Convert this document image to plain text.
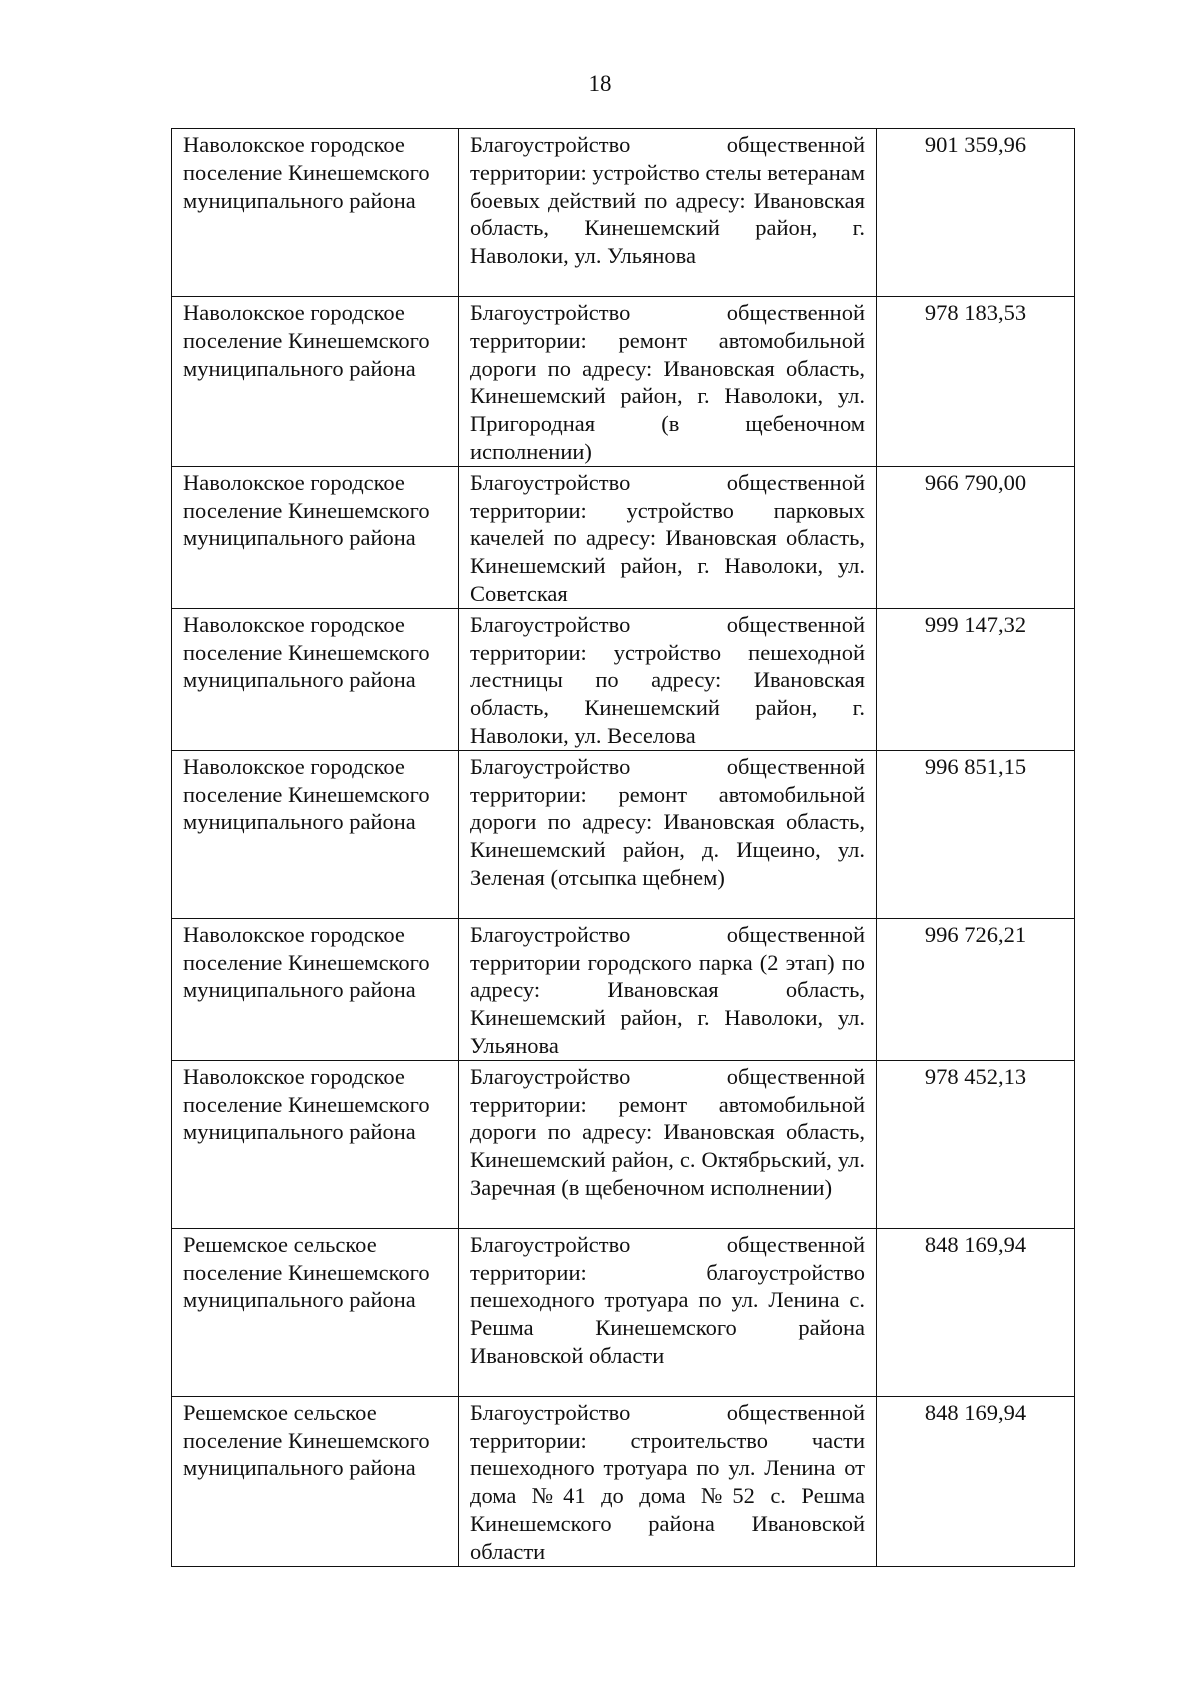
18
Наволокское городское поселение Кинешемского муниципального района	Благоустройство общественной территории: устройство стелы ветеранам боевых действий по адресу: Ивановская область, Кинешемский район, г. Наволоки, ул. Ульянова	901 359,96
Наволокское городское поселение Кинешемского муниципального района	Благоустройство общественной территории: ремонт автомобильной дороги по адресу: Ивановская область, Кинешемский район, г. Наволоки, ул. Пригородная (в щебеночном исполнении)	978 183,53
Наволокское городское поселение Кинешемского муниципального района	Благоустройство общественной территории: устройство парковых качелей по адресу: Ивановская область, Кинешемский район, г. Наволоки, ул. Советская	966 790,00
Наволокское городское поселение Кинешемского муниципального района	Благоустройство общественной территории: устройство пешеходной лестницы по адресу: Ивановская область, Кинешемский район, г. Наволоки, ул. Веселова	999 147,32
Наволокское городское поселение Кинешемского муниципального района	Благоустройство общественной территории: ремонт автомобильной дороги по адресу: Ивановская область, Кинешемский район, д. Ищеино, ул. Зеленая (отсыпка щебнем)	996 851,15
Наволокское городское поселение Кинешемского муниципального района	Благоустройство общественной территории городского парка (2 этап) по адресу: Ивановская область, Кинешемский район, г. Наволоки, ул. Ульянова	996 726,21
Наволокское городское поселение Кинешемского муниципального района	Благоустройство общественной территории: ремонт автомобильной дороги по адресу: Ивановская область, Кинешемский район, с. Октябрьский, ул. Заречная (в щебеночном исполнении)	978 452,13
Решемское сельское поселение Кинешемского муниципального района	Благоустройство общественной территории: благоустройство пешеходного тротуара по ул. Ленина с. Решма Кинешемского района Ивановской области	848 169,94
Решемское сельское поселение Кинешемского муниципального района	Благоустройство общественной территории: строительство части пешеходного тротуара по ул. Ленина от дома №41 до дома №52 с. Решма Кинешемского района Ивановской области	848 169,94
